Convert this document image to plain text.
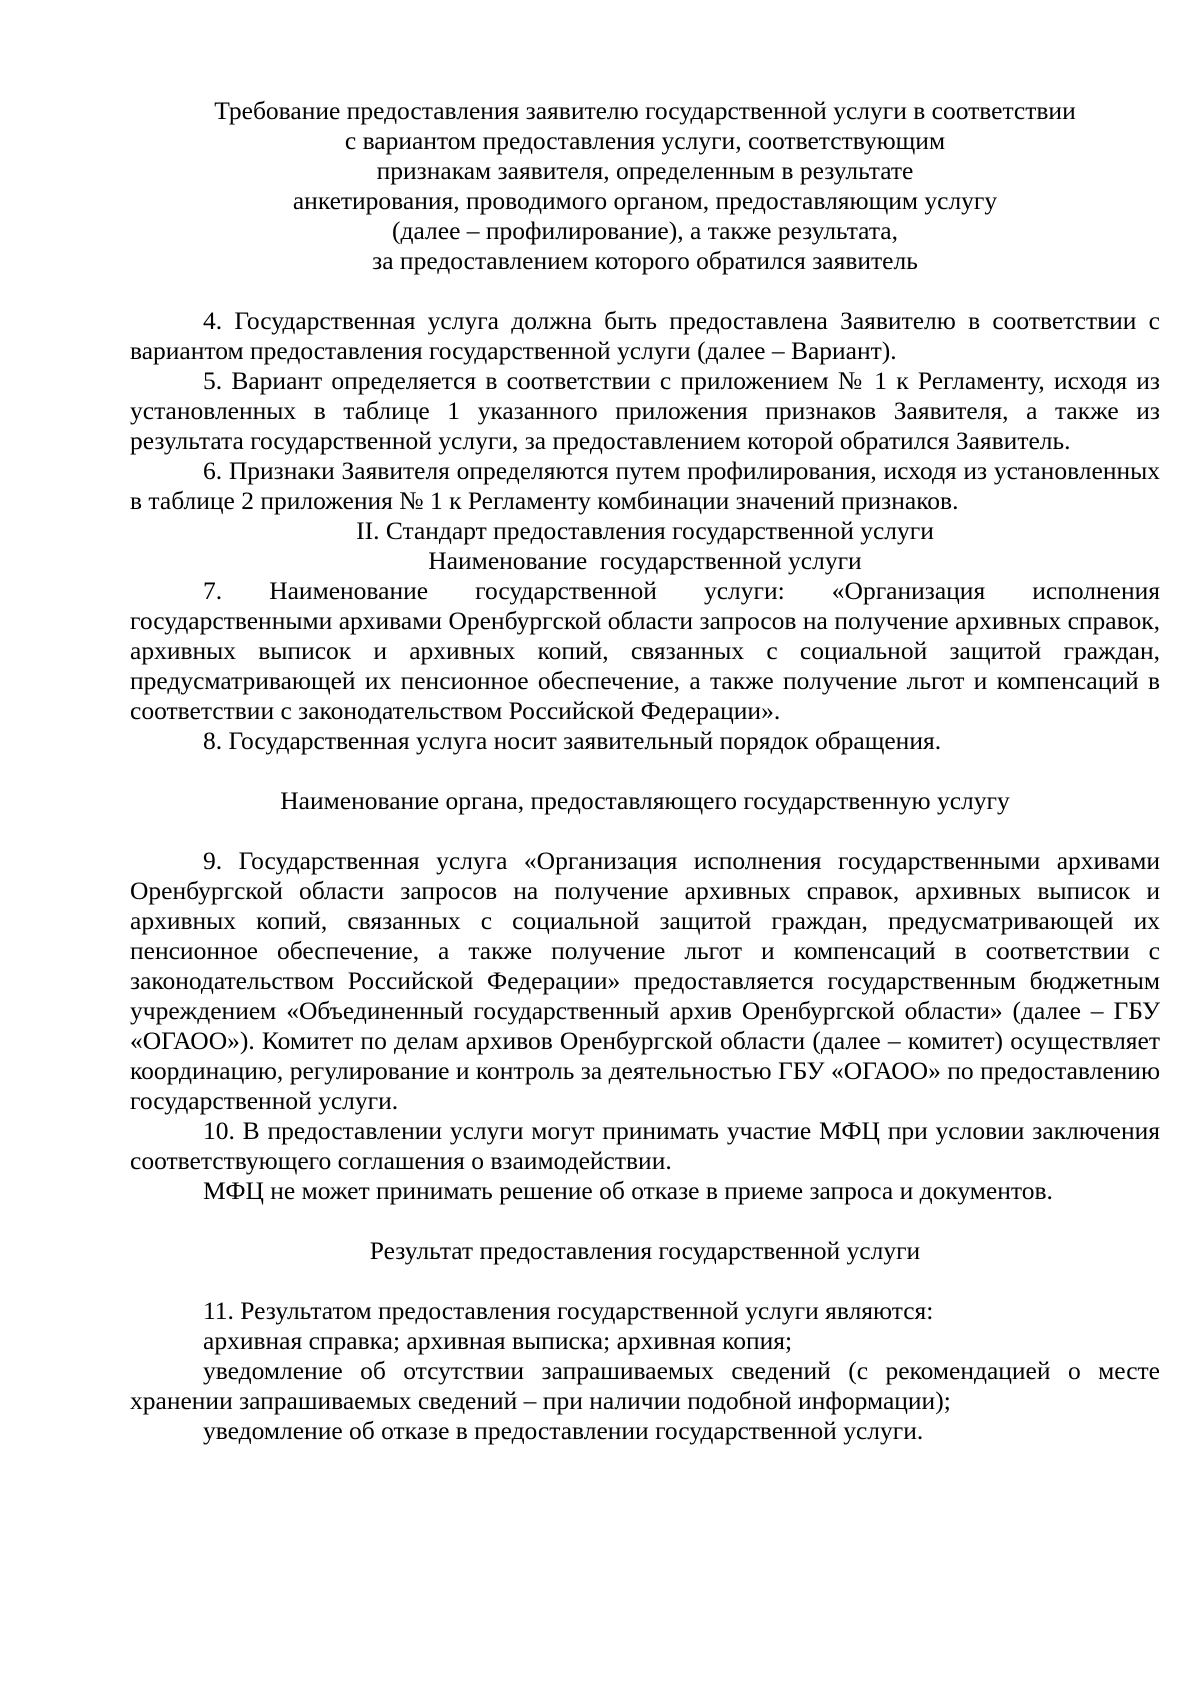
Требование предоставления заявителю государственной услуги в соответствии
с вариантом предоставления услуги, соответствующим
признакам заявителя, определенным в результате
анкетирования, проводимого органом, предоставляющим услугу
(далее – профилирование), а также результата,
за предоставлением которого обратился заявитель

4. Государственная услуга должна быть предоставлена Заявителю в соответствии с вариантом предоставления государственной услуги (далее – Вариант).

5. Вариант определяется в соответствии с приложением № 1 к Регламенту, исходя из установленных в таблице 1 указанного приложения признаков Заявителя, а также из результата государственной услуги, за предоставлением которой обратился Заявитель.

6. Признаки Заявителя определяются путем профилирования, исходя из установленных в таблице 2 приложения № 1 к Регламенту комбинации значений признаков.

II. Стандарт предоставления государственной услуги

Наименование  государственной услуги

7. Наименование государственной услуги: «Организация исполнения государственными архивами Оренбургской области запросов на получение архивных справок, архивных выписок и архивных копий, связанных с социальной защитой граждан, предусматривающей их пенсионное обеспечение, а также получение льгот и компенсаций в соответствии с законодательством Российской Федерации».

8. Государственная услуга носит заявительный порядок обращения.

Наименование органа, предоставляющего государственную услугу

9. Государственная услуга «Организация исполнения государственными архивами Оренбургской области запросов на получение архивных справок, архивных выписок и архивных копий, связанных с социальной защитой граждан, предусматривающей их пенсионное обеспечение, а также получение льгот и компенсаций в соответствии с законодательством Российской Федерации» предоставляется государственным бюджетным учреждением «Объединенный государственный архив Оренбургской области» (далее – ГБУ «ОГАОО»). Комитет по делам архивов Оренбургской области (далее – комитет) осуществляет координацию, регулирование и контроль за деятельностью ГБУ «ОГАОО» по предоставлению государственной услуги.

10. В предоставлении услуги могут принимать участие МФЦ при условии заключения соответствующего соглашения о взаимодействии.

МФЦ не может принимать решение об отказе в приеме запроса и документов.

Результат предоставления государственной услуги

11. Результатом предоставления государственной услуги являются:

архивная справка; архивная выписка; архивная копия;

уведомление об отсутствии запрашиваемых сведений (с рекомендацией о месте хранении запрашиваемых сведений – при наличии подобной информации);

уведомление об отказе в предоставлении государственной услуги.
